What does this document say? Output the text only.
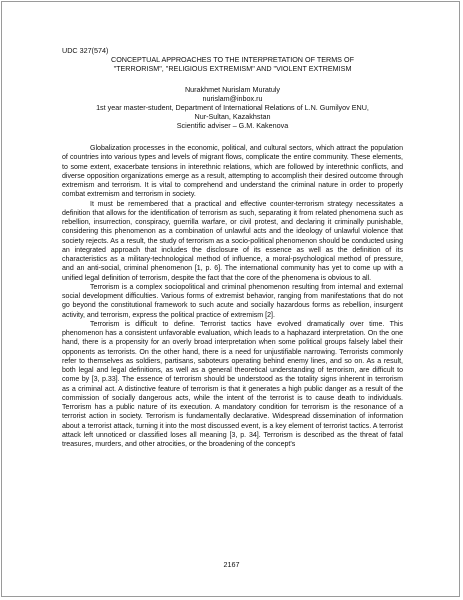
UDC 327(574)

CONCEPTUAL APPROACHES TO THE INTERPRETATION OF TERMS OF

"TERRORISM", "RELIGIOUS EXTREMISM" AND "VIOLENT EXTREMISM

Nurakhmet Nurislam Muratuly
nurislam@inbox.ru
1st year master-student, Department of International Relations of L.N. Gumilyov ENU,
Nur-Sultan, Kazakhstan
Scientific adviser – G.M. Kakenova

Globalization processes in the economic, political, and cultural sectors, which attract the population of countries into various types and levels of migrant flows, complicate the entire community. These elements, to some extent, exacerbate tensions in interethnic relations, which are followed by interethnic conflicts, and diverse opposition organizations emerge as a result, attempting to accomplish their desired outcome through extremism and terrorism. It is vital to comprehend and understand the criminal nature in order to properly combat extremism and terrorism in society.

It must be remembered that a practical and effective counter-terrorism strategy necessitates a definition that allows for the identification of terrorism as such, separating it from related phenomena such as rebellion, insurrection, conspiracy, guerrilla warfare, or civil protest, and declaring it criminally punishable, considering this phenomenon as a combination of unlawful acts and the ideology of unlawful violence that society rejects. As a result, the study of terrorism as a socio-political phenomenon should be conducted using an integrated approach that includes the disclosure of its essence as well as the definition of its characteristics as a military-technological method of influence, a moral-psychological method of pressure, and an anti-social, criminal phenomenon [1, p. 6]. The international community has yet to come up with a unified legal definition of terrorism, despite the fact that the core of the phenomena is obvious to all.

Terrorism is a complex sociopolitical and criminal phenomenon resulting from internal and external social development difficulties. Various forms of extremist behavior, ranging from manifestations that do not go beyond the constitutional framework to such acute and socially hazardous forms as rebellion, insurgent activity, and terrorism, express the political practice of extremism [2].

Terrorism is difficult to define. Terrorist tactics have evolved dramatically over time. This phenomenon has a consistent unfavorable evaluation, which leads to a haphazard interpretation. On the one hand, there is a propensity for an overly broad interpretation when some political groups falsely label their opponents as terrorists. On the other hand, there is a need for unjustifiable narrowing. Terrorists commonly refer to themselves as soldiers, partisans, saboteurs operating behind enemy lines, and so on. As a result, both legal and legal definitions, as well as a general theoretical understanding of terrorism, are difficult to come by [3, p.33]. The essence of terrorism should be understood as the totality signs inherent in terrorism as a criminal act. A distinctive feature of terrorism is that it generates a high public danger as a result of the commission of socially dangerous acts, while the intent of the terrorist is to cause death to individuals. Terrorism has a public nature of its execution. A mandatory condition for terrorism is the resonance of a terrorist action in society. Terrorism is fundamentally declarative. Widespread dissemination of information about a terrorist attack, turning it into the most discussed event, is a key element of terrorist tactics. A terrorist attack left unnoticed or classified loses all meaning [3, p. 34]. Terrorism is described as the threat of fatal treasures, murders, and other atrocities, or the broadening of the concept's

2167
